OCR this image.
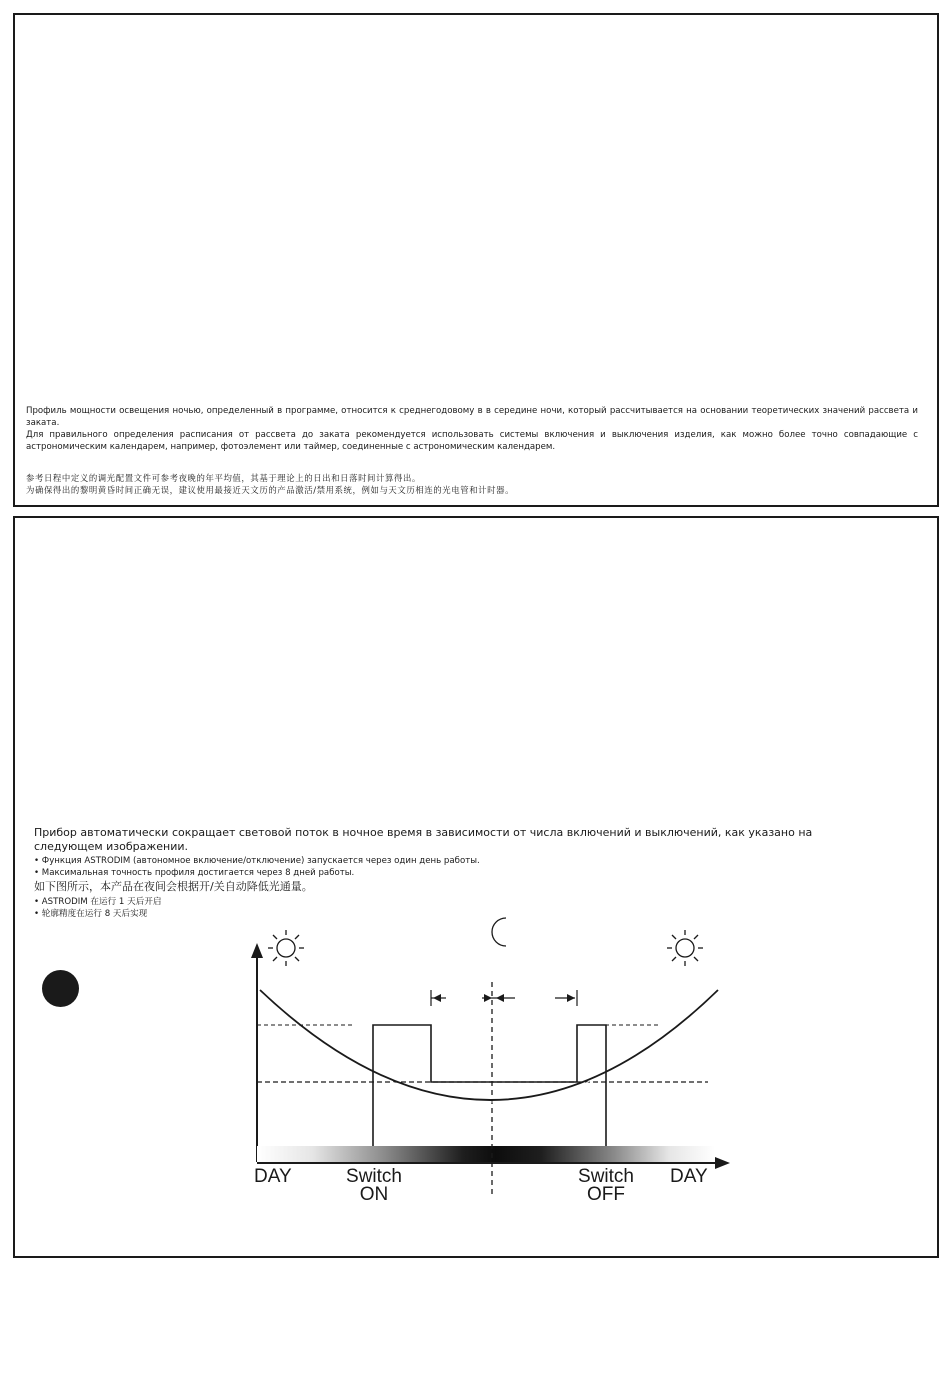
Профиль мощности освещения ночью, определенный в программе, относится к среднегодовому в в середине ночи, который рассчитывается на основании теоретических значений рассвета и заката.

Для правильного определения расписания от рассвета до заката рекомендуется использовать системы включения и выключения изделия, как можно более точно совпадающие с астрономическим календарем, например, фотоэлемент или таймер, соединенные с астрономическим календарем.

参考日程中定义的调光配置文件可参考夜晚的年平均值，其基于理论上的日出和日落时间计算得出。

为确保得出的黎明黄昏时间正确无误，建议使用最接近天文历的产品激活/禁用系统，例如与天文历相连的光电管和计时器。

Прибор автоматически сокращает световой поток в ночное время в зависимости от числа включений и выключений, как указано на следующем изображении.
• Функция ASTRODIM (автономное включение/отключение) запускается через один день работы.
• Максимальная точность профиля достигается через 8 дней работы.
如下图所示，本产品在夜间会根据开/关自动降低光通量。
• ASTRODIM 在运行 1 天后开启
• 轮廓精度在运行 8 天后实现
DAY	Switch
ON
Switch
OFF
DAY
